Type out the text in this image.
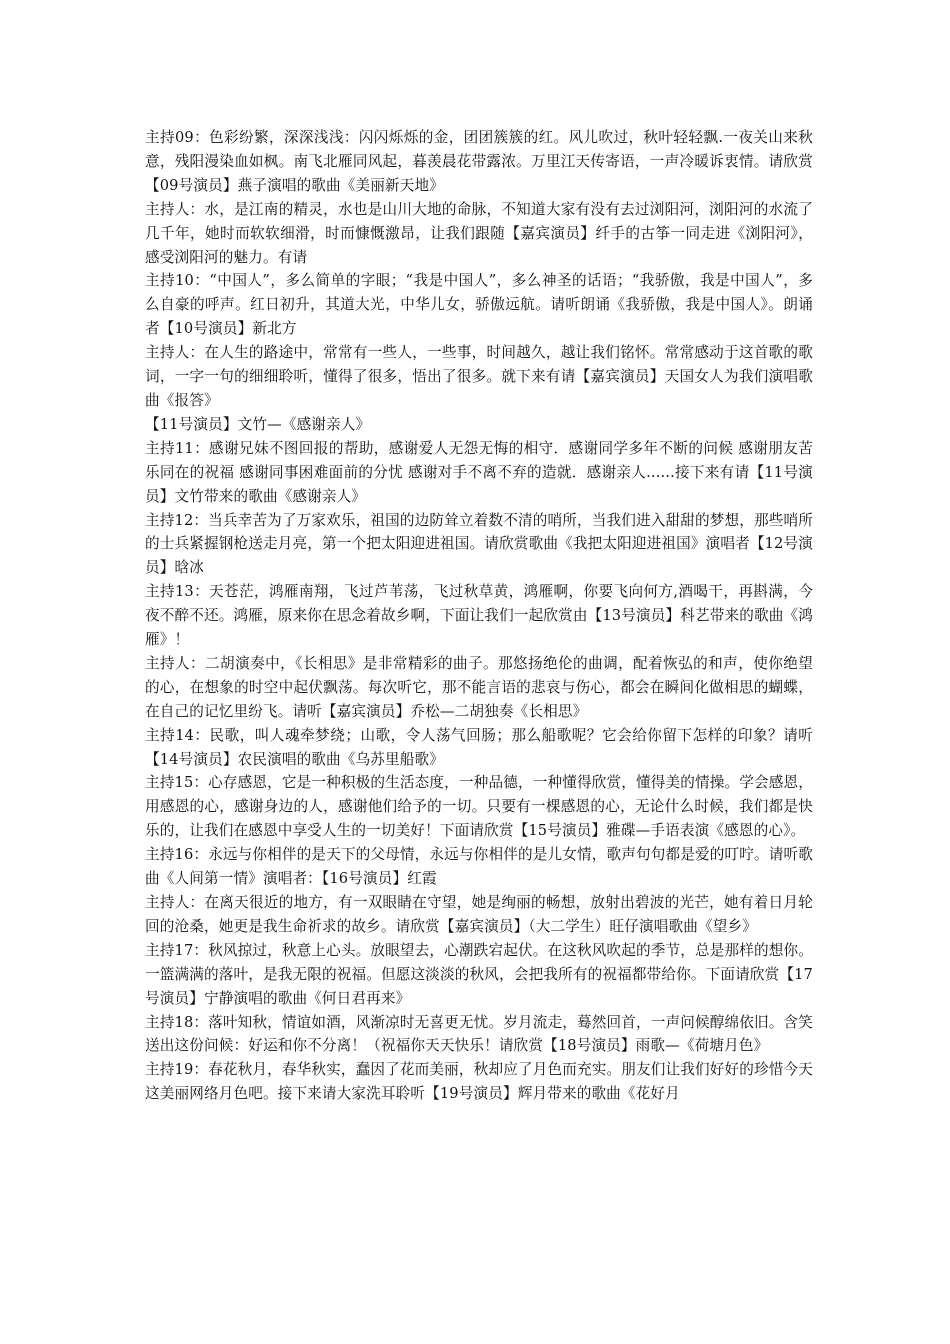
主持09：色彩纷繁，深深浅浅：闪闪烁烁的金，团团簇簇的红。风儿吹过，秋叶轻轻飘.一夜关山来秋意，残阳漫染血如枫。南飞北雁同风起，暮羡晨花带露浓。万里江天传寄语，一声冷暖诉衷情。请欣赏【09号演员】燕子演唱的歌曲《美丽新天地》

主持人：水，是江南的精灵，水也是山川大地的命脉，不知道大家有没有去过浏阳河，浏阳河的水流了几千年，她时而软软细滑，时而慷慨激昂，让我们跟随【嘉宾演员】纤手的古筝一同走进《浏阳河》，感受浏阳河的魅力。有请

主持10：“中国人”，多么简单的字眼；“我是中国人”，多么神圣的话语；“我骄傲，我是中国人”，多么自豪的呼声。红日初升，其道大光，中华儿女，骄傲远航。请听朗诵《我骄傲，我是中国人》。朗诵者【10号演员】新北方

主持人：在人生的路途中，常常有一些人，一些事，时间越久，越让我们铭怀。常常感动于这首歌的歌词，一字一句的细细聆听，懂得了很多，悟出了很多。就下来有请【嘉宾演员】天国女人为我们演唱歌曲《报答》

【11号演员】文竹—《感谢亲人》

主持11：感谢兄妹不图回报的帮助，感谢爱人无怨无悔的相守．感谢同学多年不断的问候 感谢朋友苦乐同在的祝福 感谢同事困难面前的分忧 感谢对手不离不弃的造就．感谢亲人......接下来有请【11号演员】文竹带来的歌曲《感谢亲人》

主持12：当兵幸苦为了万家欢乐，祖国的边防耸立着数不清的哨所，当我们进入甜甜的梦想，那些哨所的士兵紧握钢枪送走月亮，第一个把太阳迎进祖国。请欣赏歌曲《我把太阳迎进祖国》演唱者【12号演员】晗冰

主持13：天苍茫，鸿雁南翔，飞过芦苇荡，飞过秋草黄，鸿雁啊，你要飞向何方,酒喝干，再斟满，今夜不醉不还。鸿雁，原来你在思念着故乡啊，下面让我们一起欣赏由【13号演员】科艺带来的歌曲《鸿雁》！

主持人：二胡演奏中，《长相思》是非常精彩的曲子。那悠扬绝伦的曲调，配着恢弘的和声，使你绝望的心，在想象的时空中起伏飘荡。每次听它，那不能言语的悲哀与伤心，都会在瞬间化做相思的蝴蝶，在自己的记忆里纷飞。请听【嘉宾演员】乔松—二胡独奏《长相思》

主持14：民歌，叫人魂牵梦绕；山歌，令人荡气回肠；那么船歌呢？它会给你留下怎样的印象？请听【14号演员】农民演唱的歌曲《乌苏里船歌》

主持15：心存感恩，它是一种积极的生活态度，一种品德，一种懂得欣赏，懂得美的情操。学会感恩，用感恩的心，感谢身边的人，感谢他们给予的一切。只要有一棵感恩的心，无论什么时候，我们都是快乐的，让我们在感恩中享受人生的一切美好！下面请欣赏【15号演员】雅碟—手语表演《感恩的心》。

主持16：永远与你相伴的是天下的父母情，永远与你相伴的是儿女情，歌声句句都是爱的叮咛。请听歌曲《人间第一情》演唱者：【16号演员】红霞

主持人：在离天很近的地方，有一双眼睛在守望，她是绚丽的畅想，放射出碧波的光芒，她有着日月轮回的沧桑，她更是我生命祈求的故乡。请欣赏【嘉宾演员】（大二学生）旺仔演唱歌曲《望乡》

主持17：秋风掠过，秋意上心头。放眼望去，心潮跌宕起伏。在这秋风吹起的季节，总是那样的想你。一篮满满的落叶，是我无限的祝福。但愿这淡淡的秋风，会把我所有的祝福都带给你。下面请欣赏【17号演员】宁静演唱的歌曲《何日君再来》

主持18：落叶知秋，情谊如酒，风渐凉时无喜更无忧。岁月流走，蓦然回首，一声问候醇绵依旧。含笑送出这份问候：好运和你不分离！（祝福你天天快乐！请欣赏【18号演员】雨歌—《荷塘月色》

主持19：春花秋月，春华秋实，蠢因了花而美丽，秋却应了月色而充实。朋友们让我们好好的珍惜今天这美丽网络月色吧。接下来请大家洗耳聆听【19号演员】辉月带来的歌曲《花好月
